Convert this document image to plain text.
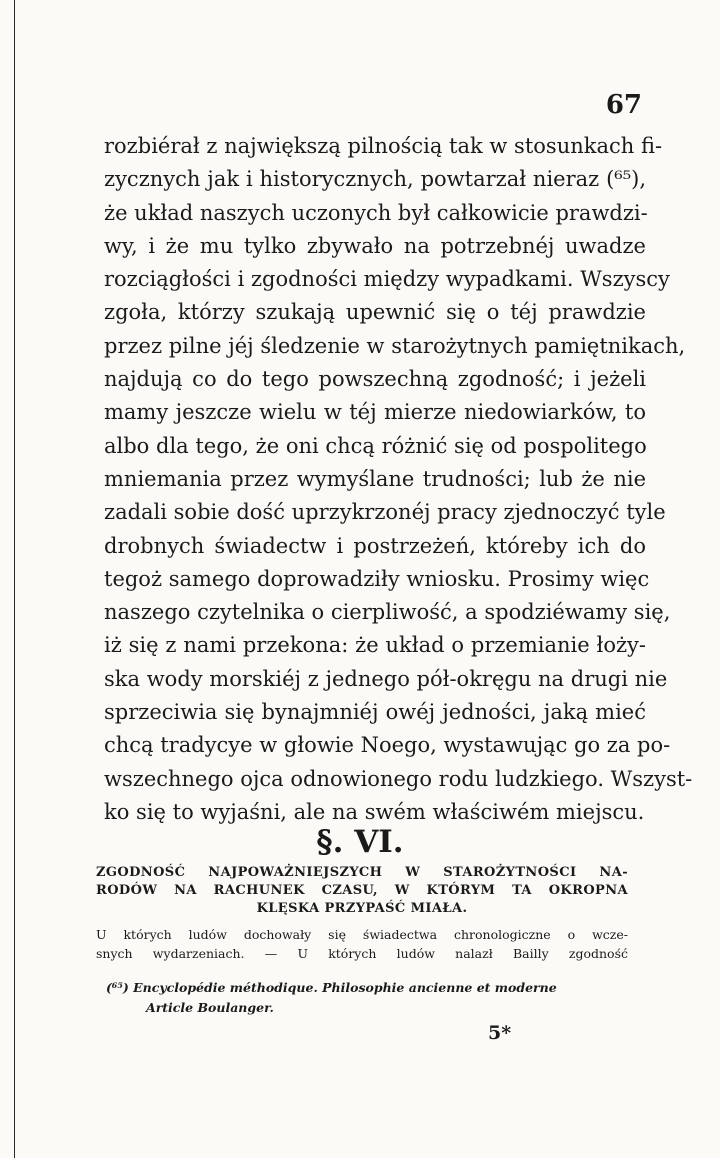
67
rozbiérał z największą pilnością tak w stosunkach fi-
zycznych jak i historycznych, powtarzał nieraz (⁶⁵),
że układ naszych uczonych był całkowicie prawdzi-
wy, i że mu tylko zbywało na potrzebnéj uwadze
rozciągłości i zgodności między wypadkami. Wszyscy
zgoła, którzy szukają upewnić się o téj prawdzie
przez pilne jéj śledzenie w starożytnych pamiętnikach,
najdują co do tego powszechną zgodność; i jeżeli
mamy jeszcze wielu w téj mierze niedowiarków, to
albo dla tego, że oni chcą różnić się od pospolitego
mniemania przez wymyślane trudności; lub że nie
zadali sobie dość uprzykrzonéj pracy zjednoczyć tyle
drobnych świadectw i postrzeżeń, któreby ich do
tegoż samego doprowadziły wniosku. Prosimy więc
naszego czytelnika o cierpliwość, a spodziéwamy się,
iż się z nami przekona: że układ o przemianie łoży-
ska wody morskiéj z jednego pół-okręgu na drugi nie
sprzeciwia się bynajmniéj owéj jedności, jaką mieć
chcą tradycye w głowie Noego, wystawując go za po-
wszechnego ojca odnowionego rodu ludzkiego. Wszyst-
ko się to wyjaśni, ale na swém właściwém miejscu.
§. VI.
ZGODNOŚĆ NAJPOWAŻNIEJSZYCH W STAROŻYTNOŚCI NA-
RODÓW NA RACHUNEK CZASU, W KTÓRYM TA OKROPNA
KLĘSKA PRZYPAŚĆ MIAŁA.
U których ludów dochowały się świadectwa chronologiczne o wcze-
snych wydarzeniach. — U których ludów nalazł Bailly zgodność
(⁶⁵) Encyclopédie méthodique. Philosophie ancienne et moderne
Article Boulanger.
5*
